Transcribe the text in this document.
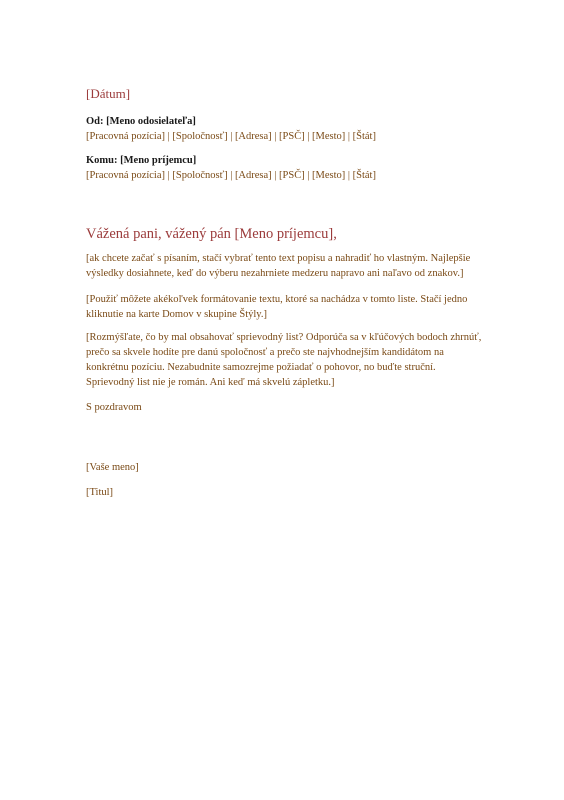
[Dátum]
Od: [Meno odosielateľa]
[Pracovná pozícia] | [Spoločnosť] | [Adresa] | [PSČ] | [Mesto] | [Štát]
Komu: [Meno príjemcu]
[Pracovná pozícia] | [Spoločnosť] | [Adresa] | [PSČ] | [Mesto] | [Štát]
Vážená pani, vážený pán [Meno príjemcu],
[ak chcete začať s písaním, stačí vybrať tento text popisu a nahradiť ho vlastným. Najlepšie výsledky dosiahnete, keď do výberu nezahrniete medzeru napravo ani naľavo od znakov.]
[Použiť môžete akékoľvek formátovanie textu, ktoré sa nachádza v tomto liste. Stačí jedno kliknutie na karte Domov v skupine Štýly.]
[Rozmýšľate, čo by mal obsahovať sprievodný list? Odporúča sa v kľúčových bodoch zhrnúť, prečo sa skvele hodíte pre danú spoločnosť a prečo ste najvhodnejším kandidátom na konkrétnu pozíciu. Nezabudnite samozrejme požiadať o pohovor, no buďte struční. Sprievodný list nie je román. Ani keď má skvelú zápletku.]
S pozdravom
[Vaše meno]
[Titul]
